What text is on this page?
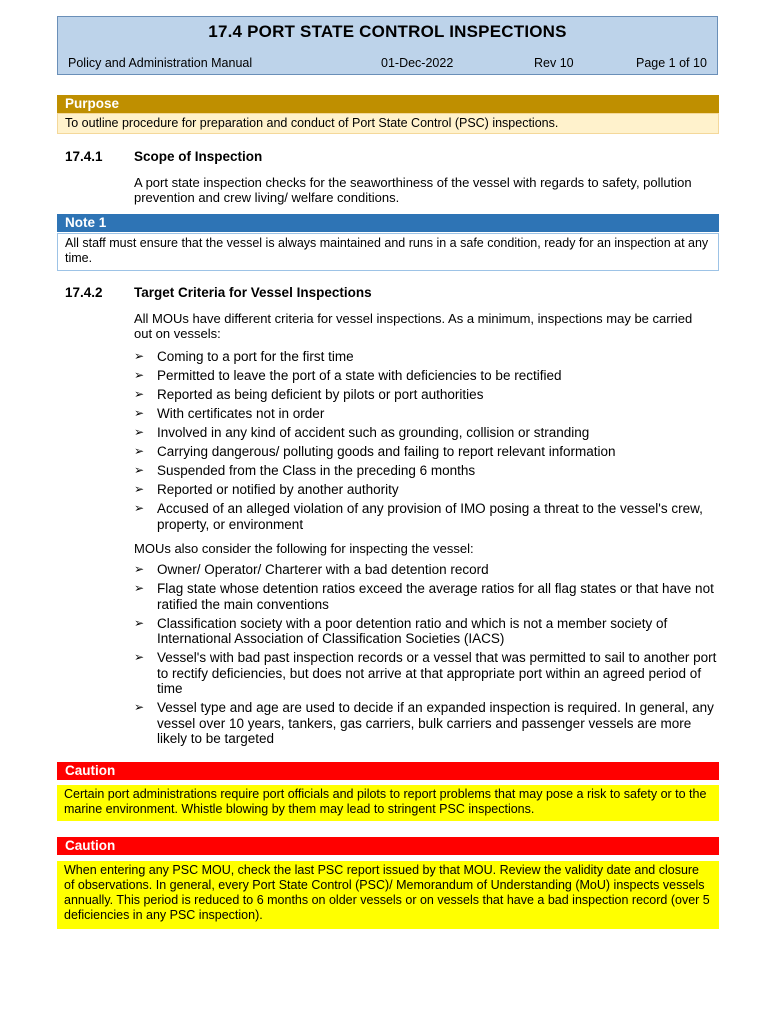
17.4 PORT STATE CONTROL INSPECTIONS
Policy and Administration Manual	01-Dec-2022	Rev 10	Page 1 of 10
Purpose
To outline procedure for preparation and conduct of Port State Control (PSC) inspections.
17.4.1 Scope of Inspection
A port state inspection checks for the seaworthiness of the vessel with regards to safety, pollution prevention and crew living/ welfare conditions.
Note 1
All staff must ensure that the vessel is always maintained and runs in a safe condition, ready for an inspection at any time.
17.4.2 Target Criteria for Vessel Inspections
All MOUs have different criteria for vessel inspections. As a minimum, inspections may be carried out on vessels:
➢ Coming to a port for the first time
➢ Permitted to leave the port of a state with deficiencies to be rectified
➢ Reported as being deficient by pilots or port authorities
➢ With certificates not in order
➢ Involved in any kind of accident such as grounding, collision or stranding
➢ Carrying dangerous/ polluting goods and failing to report relevant information
➢ Suspended from the Class in the preceding 6 months
➢ Reported or notified by another authority
➢ Accused of an alleged violation of any provision of IMO posing a threat to the vessel's crew, property, or environment
MOUs also consider the following for inspecting the vessel:
➢ Owner/ Operator/ Charterer with a bad detention record
➢ Flag state whose detention ratios exceed the average ratios for all flag states or that have not ratified the main conventions
➢ Classification society with a poor detention ratio and which is not a member society of International Association of Classification Societies (IACS)
➢ Vessel's with bad past inspection records or a vessel that was permitted to sail to another port to rectify deficiencies, but does not arrive at that appropriate port within an agreed period of time
➢ Vessel type and age are used to decide if an expanded inspection is required. In general, any vessel over 10 years, tankers, gas carriers, bulk carriers and passenger vessels are more likely to be targeted
Caution
Certain port administrations require port officials and pilots to report problems that may pose a risk to safety or to the marine environment. Whistle blowing by them may lead to stringent PSC inspections.
Caution
When entering any PSC MOU, check the last PSC report issued by that MOU. Review the validity date and closure of observations. In general, every Port State Control (PSC)/ Memorandum of Understanding (MoU) inspects vessels annually. This period is reduced to 6 months on older vessels or on vessels that have a bad inspection record (over 5 deficiencies in any PSC inspection).
